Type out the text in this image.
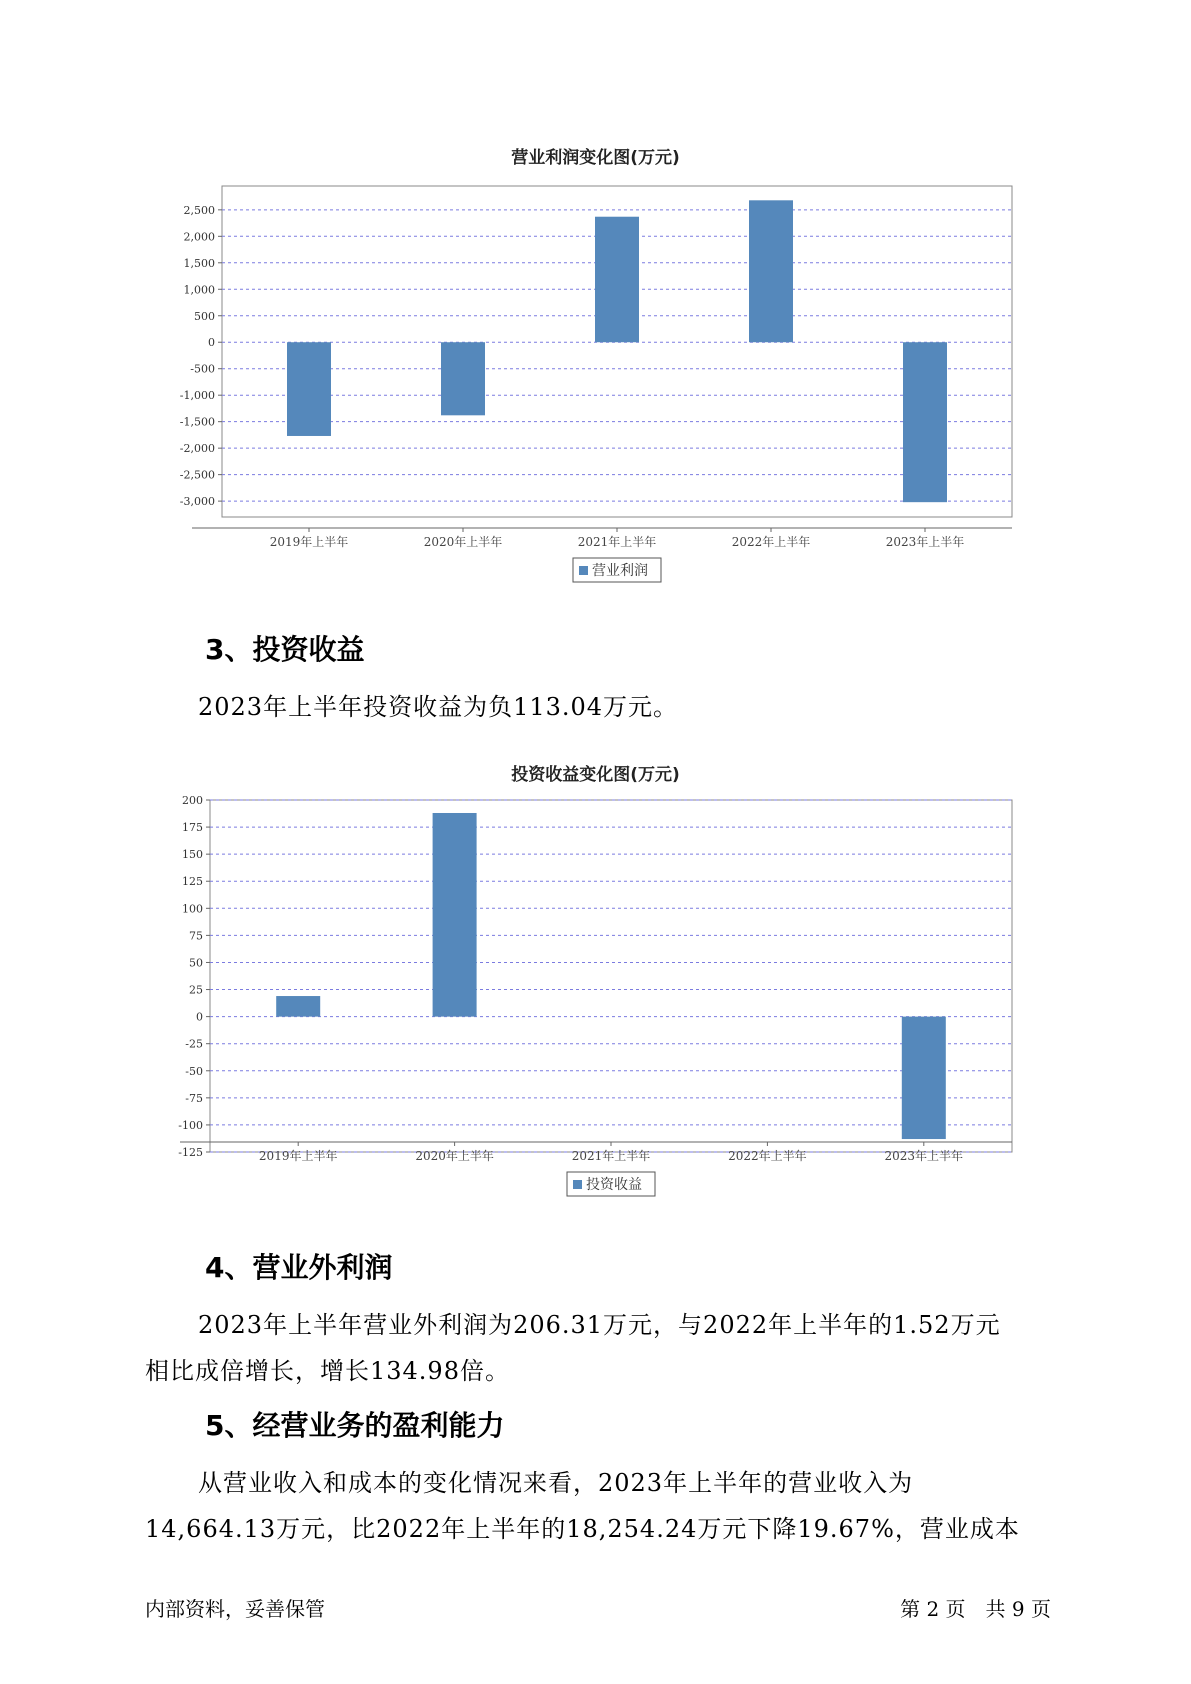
营业利润变化图(万元)
2,500
2,000
1,500
1,000
500
0
-500
-1,000
-1,500
-2,000
-2,500
-3,000
2019年上半年	2020年上半年	2021年上半年	2022年上半年	2023年上半年
营业利润
3、投资收益
2023年上半年投资收益为负113.04万元。
投资收益变化图(万元)
200
175
150
125
100
75
50
25
0
-25
-50
-75
-100
-125	2019年上半年	2020年上半年	2021年上半年	2022年上半年	2023年上半年
投资收益
4、营业外利润
2023年上半年营业外利润为206.31万元，与2022年上半年的1.52万元
相比成倍增长，增长134.98倍。
5、经营业务的盈利能力
从营业收入和成本的变化情况来看，2023年上半年的营业收入为
14,664.13万元，比2022年上半年的18,254.24万元下降19.67%，营业成本
内部资料，妥善保管	第 2 页　共 9 页
